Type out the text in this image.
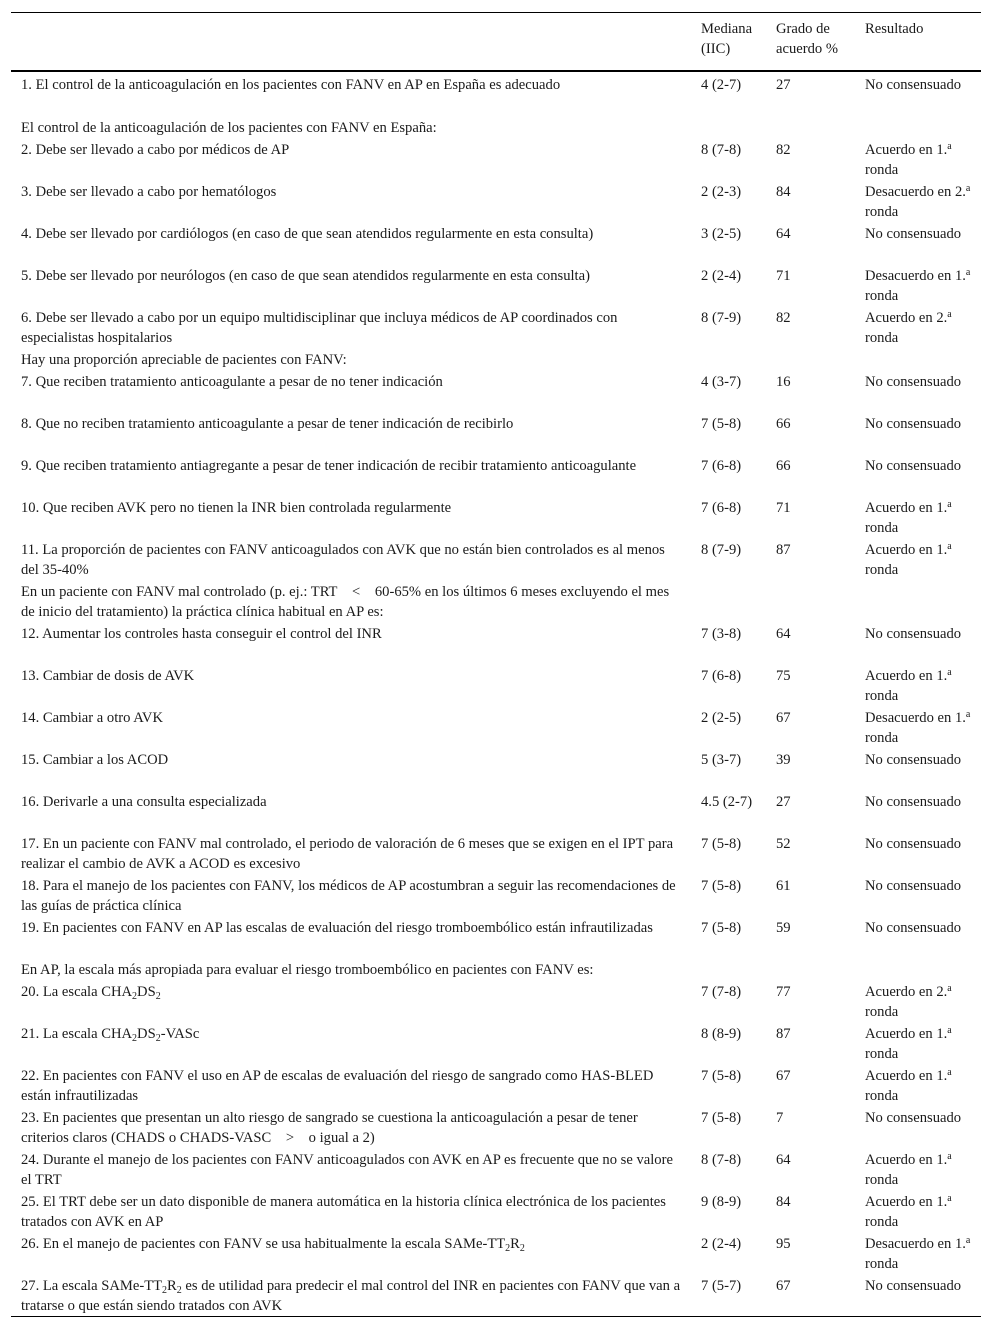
	Mediana (IIC)	Grado de acuerdo %	Resultado
1. El control de la anticoagulación en los pacientes con FANV en AP en España es adecuado	4 (2-7)	27	No consensuado
El control de la anticoagulación de los pacientes con FANV en España:			
2. Debe ser llevado a cabo por médicos de AP	8 (7-8)	82	Acuerdo en 1.$^a$ ronda
3. Debe ser llevado a cabo por hematólogos	2 (2-3)	84	Desacuerdo en 2.$^a$ ronda
4. Debe ser llevado por cardiólogos (en caso de que sean atendidos regularmente en esta consulta)	3 (2-5)	64	No consensuado
5. Debe ser llevado por neurólogos (en caso de que sean atendidos regularmente en esta consulta)	2 (2-4)	71	Desacuerdo en 1.$^a$ ronda
6. Debe ser llevado a cabo por un equipo multidisciplinar que incluya médicos de AP coordinados con especialistas hospitalarios	8 (7-9)	82	Acuerdo en 2.$^a$ ronda
Hay una proporción apreciable de pacientes con FANV:			
7. Que reciben tratamiento anticoagulante a pesar de no tener indicación	4 (3-7)	16	No consensuado
8. Que no reciben tratamiento anticoagulante a pesar de tener indicación de recibirlo	7 (5-8)	66	No consensuado
9. Que reciben tratamiento antiagregante a pesar de tener indicación de recibir tratamiento anticoagulante	7 (6-8)	66	No consensuado
10. Que reciben AVK pero no tienen la INR bien controlada regularmente	7 (6-8)	71	Acuerdo en 1.$^a$ ronda
11. La proporción de pacientes con FANV anticoagulados con AVK que no están bien controlados es al menos del 35-40%	8 (7-9)	87	Acuerdo en 1.$^a$ ronda
En un paciente con FANV mal controlado (p. ej.: TRT < 60-65% en los últimos 6 meses excluyendo el mes de inicio del tratamiento) la práctica clínica habitual en AP es:			
12. Aumentar los controles hasta conseguir el control del INR	7 (3-8)	64	No consensuado
13. Cambiar de dosis de AVK	7 (6-8)	75	Acuerdo en 1.$^a$ ronda
14. Cambiar a otro AVK	2 (2-5)	67	Desacuerdo en 1.$^a$ ronda
15. Cambiar a los ACOD	5 (3-7)	39	No consensuado
16. Derivarle a una consulta especializada	4.5 (2-7)	27	No consensuado
17. En un paciente con FANV mal controlado, el periodo de valoración de 6 meses que se exigen en el IPT para realizar el cambio de AVK a ACOD es excesivo	7 (5-8)	52	No consensuado
18. Para el manejo de los pacientes con FANV, los médicos de AP acostumbran a seguir las recomendaciones de las guías de práctica clínica	7 (5-8)	61	No consensuado
19. En pacientes con FANV en AP las escalas de evaluación del riesgo tromboembólico están infrautilizadas	7 (5-8)	59	No consensuado
En AP, la escala más apropiada para evaluar el riesgo tromboembólico en pacientes con FANV es:			
20. La escala $CHA_2DS_2$	7 (7-8)	77	Acuerdo en 2.$^a$ ronda
21. La escala $CHA_2DS_2$-VASc	8 (8-9)	87	Acuerdo en 1.$^a$ ronda
22. En pacientes con FANV el uso en AP de escalas de evaluación del riesgo de sangrado como HAS-BLED están infrautilizadas	7 (5-8)	67	Acuerdo en 1.$^a$ ronda
23. En pacientes que presentan un alto riesgo de sangrado se cuestiona la anticoagulación a pesar de tener criterios claros (CHADS o CHADS-VASC > o igual a 2)	7 (5-8)	7	No consensuado
24. Durante el manejo de los pacientes con FANV anticoagulados con AVK en AP es frecuente que no se valore el TRT	8 (7-8)	64	Acuerdo en 1.$^a$ ronda
25. El TRT debe ser un dato disponible de manera automática en la historia clínica electrónica de los pacientes tratados con AVK en AP	9 (8-9)	84	Acuerdo en 1.$^a$ ronda
26. En el manejo de pacientes con FANV se usa habitualmente la escala SAMe-$TT_2R_2$	2 (2-4)	95	Desacuerdo en 1.$^a$ ronda
27. La escala SAMe-$TT_2R_2$ es de utilidad para predecir el mal control del INR en pacientes con FANV que van a tratarse o que están siendo tratados con AVK	7 (5-7)	67	No consensuado
